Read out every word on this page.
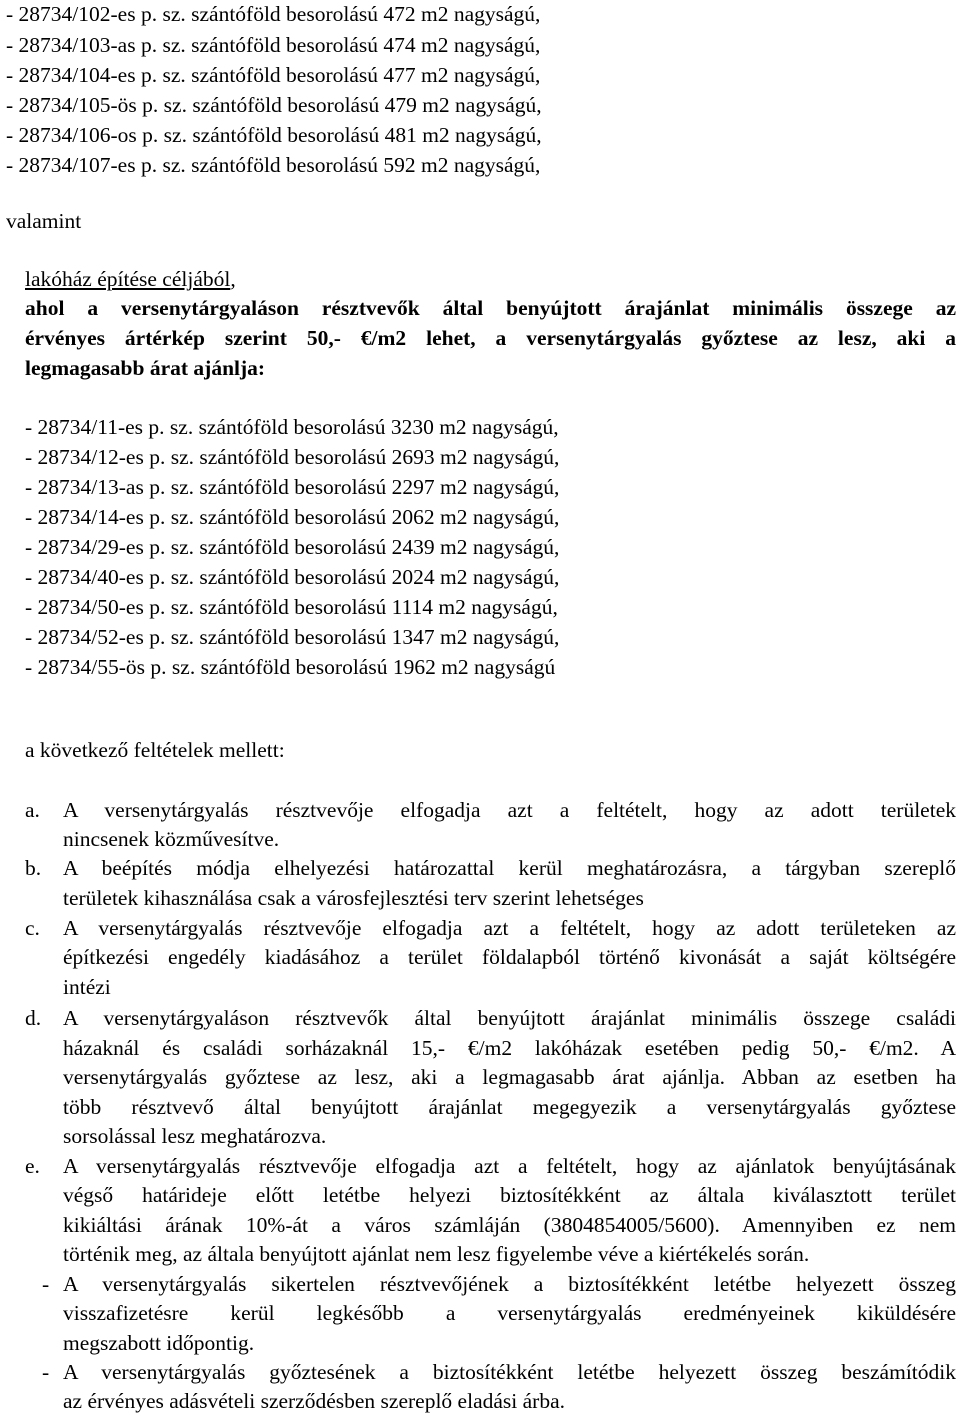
- 28734/102-es p. sz. szántóföld besorolású 472 m2 nagyságú,
- 28734/103-as p. sz. szántóföld besorolású 474 m2 nagyságú,
- 28734/104-es p. sz. szántóföld besorolású 477 m2 nagyságú,
- 28734/105-ös p. sz. szántóföld besorolású 479 m2 nagyságú,
- 28734/106-os p. sz. szántóföld besorolású 481 m2 nagyságú,
- 28734/107-es p. sz. szántóföld besorolású 592 m2 nagyságú,
valamint
lakóház építése céljából,
ahol a versenytárgyaláson résztvevők által benyújtott árajánlat minimális összege az
érvényes ártérkép szerint 50,- €/m2 lehet, a versenytárgyalás győztese az lesz, aki a
legmagasabb árat ajánlja:
- 28734/11-es p. sz. szántóföld besorolású 3230 m2 nagyságú,
- 28734/12-es p. sz. szántóföld besorolású 2693 m2 nagyságú,
- 28734/13-as p. sz. szántóföld besorolású 2297 m2 nagyságú,
- 28734/14-es p. sz. szántóföld besorolású 2062 m2 nagyságú,
- 28734/29-es p. sz. szántóföld besorolású 2439 m2 nagyságú,
- 28734/40-es p. sz. szántóföld besorolású 2024 m2 nagyságú,
- 28734/50-es p. sz. szántóföld besorolású 1114 m2 nagyságú,
- 28734/52-es p. sz. szántóföld besorolású 1347 m2 nagyságú,
- 28734/55-ös p. sz. szántóföld besorolású 1962 m2 nagyságú
a következő feltételek mellett:
a. A versenytárgyalás résztvevője elfogadja azt a feltételt, hogy az adott területek
nincsenek közművesítve.
b. A beépítés módja elhelyezési határozattal kerül meghatározásra, a tárgyban szereplő
területek kihasználása csak a városfejlesztési terv szerint lehetséges
c. A versenytárgyalás résztvevője elfogadja azt a feltételt, hogy az adott területeken az
építkezési engedély kiadásához a terület földalapból történő kivonását a saját költségére
intézi
d. A versenytárgyaláson résztvevők által benyújtott árajánlat minimális összege családi
házaknál és családi sorházaknál 15,- €/m2 lakóházak esetében pedig 50,- €/m2. A
versenytárgyalás győztese az lesz, aki a legmagasabb árat ajánlja. Abban az esetben ha
több résztvevő által benyújtott árajánlat megegyezik a versenytárgyalás győztese
sorsolással lesz meghatározva.
e. A versenytárgyalás résztvevője elfogadja azt a feltételt, hogy az ajánlatok benyújtásának
végső határideje előtt letétbe helyezi biztosítékként az általa kiválasztott terület
kikiáltási árának 10%-át a város számláján (3804854005/5600). Amennyiben ez nem
történik meg, az általa benyújtott ajánlat nem lesz figyelembe véve a kiértékelés során.
- A versenytárgyalás sikertelen résztvevőjének a biztosítékként letétbe helyezett összeg
visszafizetésre kerül legkésőbb a versenytárgyalás eredményeinek kiküldésére
megszabott időpontig.
- A versenytárgyalás győztesének a biztosítékként letétbe helyezett összeg beszámítódik
az érvényes adásvételi szerződésben szereplő eladási árba.
